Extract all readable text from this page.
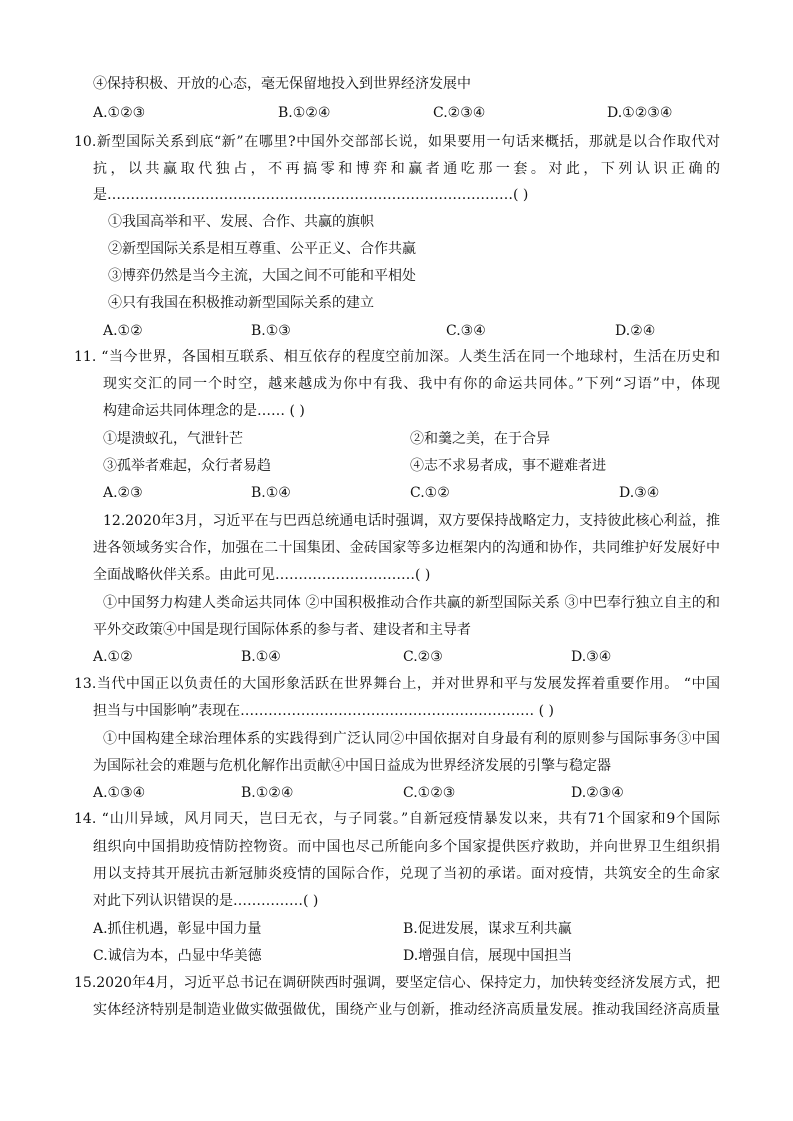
④保持积极、开放的心态，毫无保留地投入到世界经济发展中
A.①②③	B.①②④	C.②③④	D.①②③④
10.新型国际关系到底“新”在哪里?中国外交部部长说，如果要用一句话来概括，那就是以合作取代对
抗，以共赢取代独占，不再搞零和博弈和赢者通吃那一套。对此，下列认识正确的
是……………………………………………………………………………( )
①我国高举和平、发展、合作、共赢的旗帜
②新型国际关系是相互尊重、公平正义、合作共赢
③博弈仍然是当今主流，大国之间不可能和平相处
④只有我国在积极推动新型国际关系的建立
A.①②	B.①③	C.③④	D.②④
11. “当今世界，各国相互联系、相互依存的程度空前加深。人类生活在同一个地球村，生活在历史和
现实交汇的同一个时空，越来越成为你中有我、我中有你的命运共同体。”下列“习语”中，体现
构建命运共同体理念的是…… ( )
①堤溃蚁孔，气泄针芒	②和羹之美，在于合异
③孤举者难起，众行者易趋	④志不求易者成，事不避难者进
A.②③	B.①④	C.①②	D.③④
12.2020年3月，习近平在与巴西总统通电话时强调，双方要保持战略定力，支持彼此核心利益，推
进各领域务实合作，加强在二十国集团、金砖国家等多边框架内的沟通和协作，共同维护好发展好中
全面战略伙伴关系。由此可见…………………………( )
①中国努力构建人类命运共同体 ②中国积极推动合作共赢的新型国际关系 ③中巴奉行独立自主的和
平外交政策④中国是现行国际体系的参与者、建设者和主导者
A.①②	B.①④	C.②③	D.③④
13.当代中国正以负责任的大国形象活跃在世界舞台上，并对世界和平与发展发挥着重要作用。 “中国
担当与中国影响”表现在……………………………………………………… ( )
①中国构建全球治理体系的实践得到广泛认同②中国依据对自身最有利的原则参与国际事务③中国
为国际社会的难题与危机化解作出贡献④中国日益成为世界经济发展的引擎与稳定器
A.①③④	B.①②④	C.①②③	D.②③④
14. “山川异域，风月同天，岂曰无衣，与子同裳。”自新冠疫情暴发以来，共有71个国家和9个国际
组织向中国捐助疫情防控物资。而中国也尽己所能向多个国家提供医疗救助，并向世界卫生组织捐
用以支持其开展抗击新冠肺炎疫情的国际合作，兑现了当初的承诺。面对疫情，共筑安全的生命家
对此下列认识错误的是……………( )
A.抓住机遇，彰显中国力量	B.促进发展，谋求互利共赢
C.诚信为本，凸显中华美德	D.增强自信，展现中国担当
15.2020年4月，习近平总书记在调研陕西时强调，要坚定信心、保持定力，加快转变经济发展方式，把
实体经济特别是制造业做实做强做优，围绕产业与创新，推动经济高质量发展。推动我国经济高质量
